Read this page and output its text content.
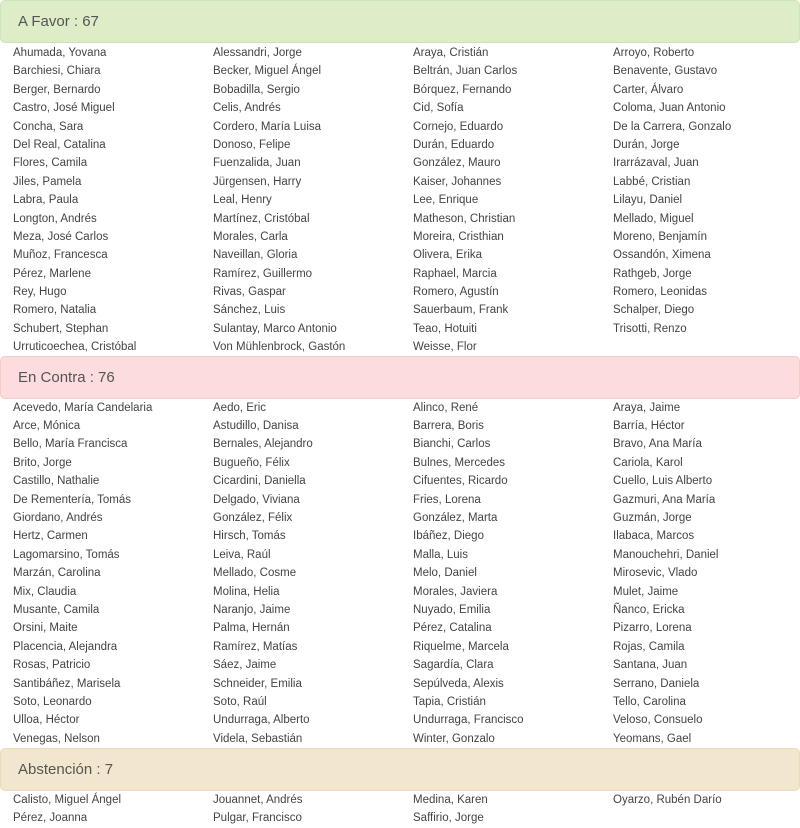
A Favor : 67
Ahumada, Yovana	Alessandri, Jorge	Araya, Cristián	Arroyo, Roberto
Barchiesi, Chiara	Becker, Miguel Ángel	Beltrán, Juan Carlos	Benavente, Gustavo
Berger, Bernardo	Bobadilla, Sergio	Bórquez, Fernando	Carter, Álvaro
Castro, José Miguel	Celis, Andrés	Cid, Sofía	Coloma, Juan Antonio
Concha, Sara	Cordero, María Luisa	Cornejo, Eduardo	De la Carrera, Gonzalo
Del Real, Catalina	Donoso, Felipe	Durán, Eduardo	Durán, Jorge
Flores, Camila	Fuenzalida, Juan	González, Mauro	Irarrázaval, Juan
Jiles, Pamela	Jürgensen, Harry	Kaiser, Johannes	Labbé, Cristian
Labra, Paula	Leal, Henry	Lee, Enrique	Lilayu, Daniel
Longton, Andrés	Martínez, Cristóbal	Matheson, Christian	Mellado, Miguel
Meza, José Carlos	Morales, Carla	Moreira, Cristhian	Moreno, Benjamín
Muñoz, Francesca	Naveillan, Gloria	Olivera, Erika	Ossandón, Ximena
Pérez, Marlene	Ramírez, Guillermo	Raphael, Marcia	Rathgeb, Jorge
Rey, Hugo	Rivas, Gaspar	Romero, Agustín	Romero, Leonidas
Romero, Natalia	Sánchez, Luis	Sauerbaum, Frank	Schalper, Diego
Schubert, Stephan	Sulantay, Marco Antonio	Teao, Hotuiti	Trisotti, Renzo
Urruticoechea, Cristóbal	Von Mühlenbrock, Gastón	Weisse, Flor
En Contra : 76
Acevedo, María Candelaria	Aedo, Eric	Alinco, René	Araya, Jaime
Arce, Mónica	Astudillo, Danisa	Barrera, Boris	Barría, Héctor
Bello, María Francisca	Bernales, Alejandro	Bianchi, Carlos	Bravo, Ana María
Brito, Jorge	Bugueño, Félix	Bulnes, Mercedes	Cariola, Karol
Castillo, Nathalie	Cicardini, Daniella	Cifuentes, Ricardo	Cuello, Luis Alberto
De Rementería, Tomás	Delgado, Viviana	Fries, Lorena	Gazmuri, Ana María
Giordano, Andrés	González, Félix	González, Marta	Guzmán, Jorge
Hertz, Carmen	Hirsch, Tomás	Ibáñez, Diego	Ilabaca, Marcos
Lagomarsino, Tomás	Leiva, Raúl	Malla, Luis	Manouchehri, Daniel
Marzán, Carolina	Mellado, Cosme	Melo, Daniel	Mirosevic, Vlado
Mix, Claudia	Molina, Helia	Morales, Javiera	Mulet, Jaime
Musante, Camila	Naranjo, Jaime	Nuyado, Emilia	Ñanco, Ericka
Orsini, Maite	Palma, Hernán	Pérez, Catalina	Pizarro, Lorena
Placencia, Alejandra	Ramírez, Matías	Riquelme, Marcela	Rojas, Camila
Rosas, Patricio	Sáez, Jaime	Sagardía, Clara	Santana, Juan
Santibáñez, Marisela	Schneider, Emilia	Sepúlveda, Alexis	Serrano, Daniela
Soto, Leonardo	Soto, Raúl	Tapia, Cristián	Tello, Carolina
Ulloa, Héctor	Undurraga, Alberto	Undurraga, Francisco	Veloso, Consuelo
Venegas, Nelson	Videla, Sebastián	Winter, Gonzalo	Yeomans, Gael
Abstención : 7
Calisto, Miguel Ángel	Jouannet, Andrés	Medina, Karen	Oyarzo, Rubén Darío
Pérez, Joanna	Pulgar, Francisco	Saffirio, Jorge
